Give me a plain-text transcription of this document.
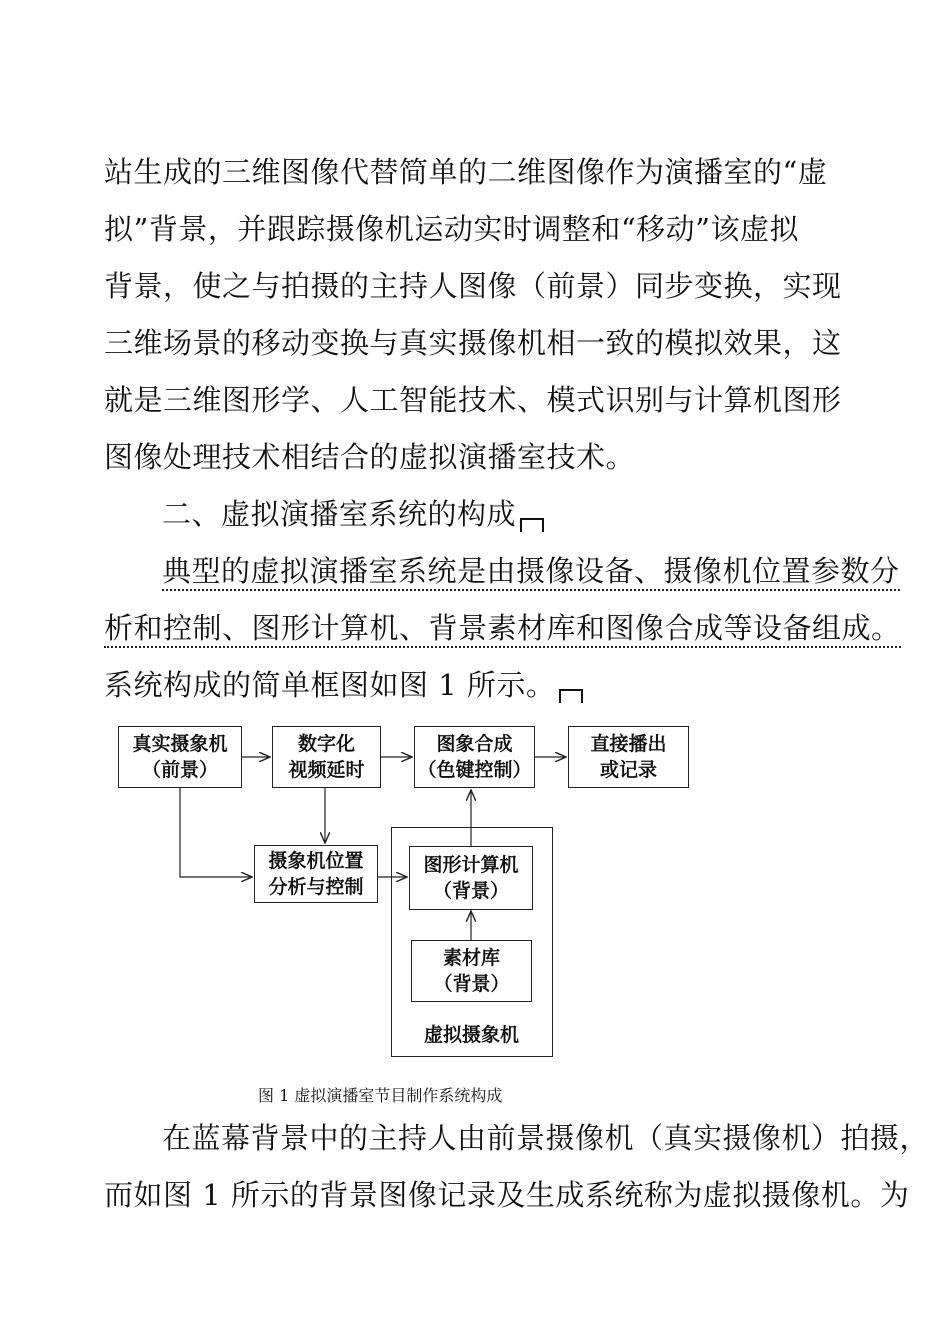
站生成的三维图像代替简单的二维图像作为演播室的“虚
拟”背景，并跟踪摄像机运动实时调整和“移动”该虚拟
背景，使之与拍摄的主持人图像（前景）同步变换，实现
三维场景的移动变换与真实摄像机相一致的模拟效果，这
就是三维图形学、人工智能技术、模式识别与计算机图形
图像处理技术相结合的虚拟演播室技术。
二、虚拟演播室系统的构成
典型的虚拟演播室系统是由摄像设备、摄像机位置参数分
析和控制、图形计算机、背景素材库和图像合成等设备组成。
系统构成的简单框图如图 1 所示。
真实摄象机
（前景）
数字化
视频延时
图象合成
（色键控制）
直接播出
或记录
摄象机位置
分析与控制
图形计算机
（背景）
素材库
（背景）
虚拟摄象机
图 1 虚拟演播室节目制作系统构成
在蓝幕背景中的主持人由前景摄像机（真实摄像机）拍摄，
而如图 1 所示的背景图像记录及生成系统称为虚拟摄像机。为
